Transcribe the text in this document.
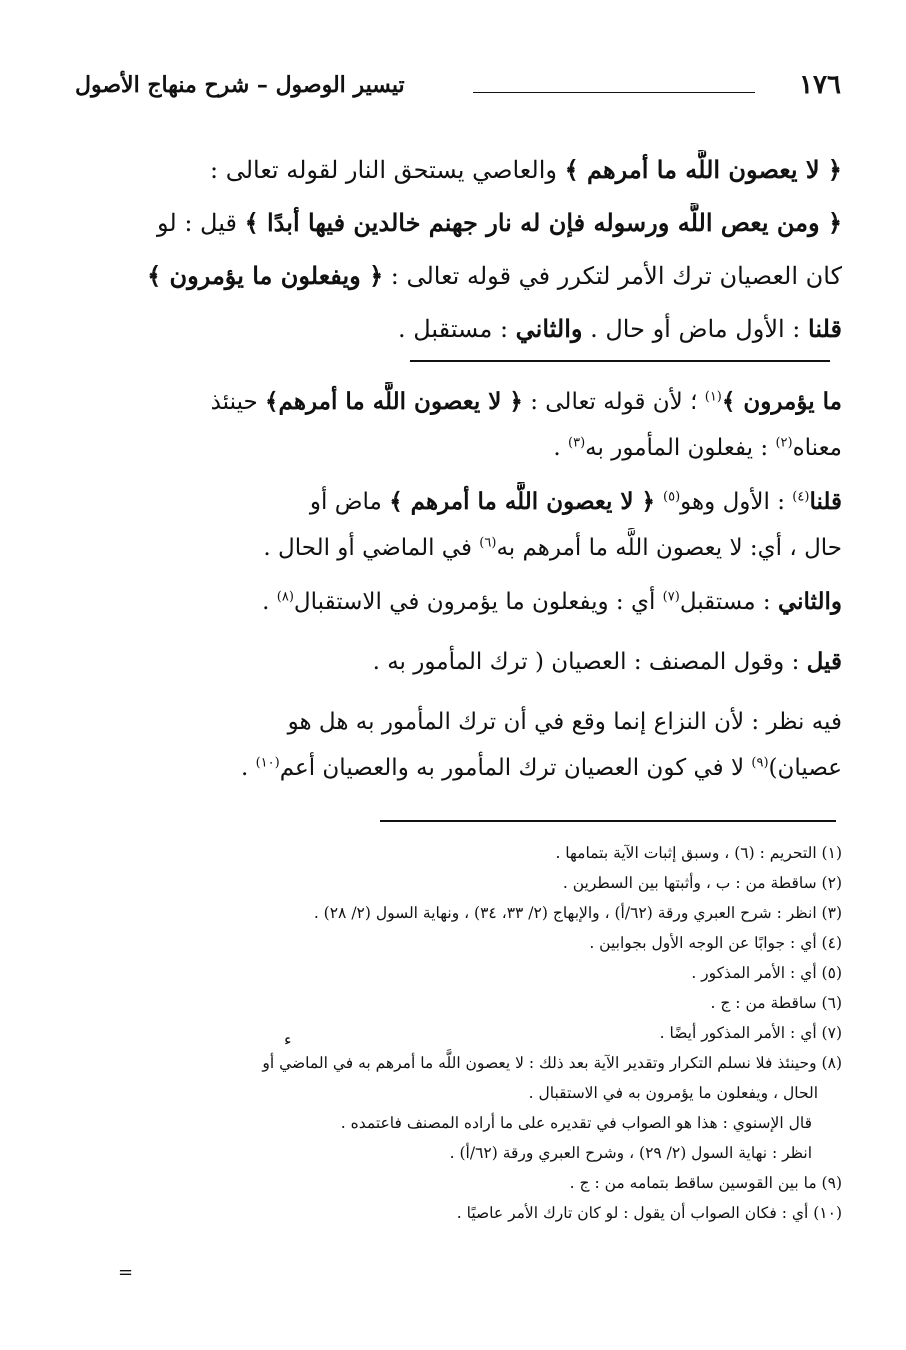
١٧٦
تيسير الوصول – شرح منهاج الأصول
﴿ لا يعصون اللَّه ما أمرهم ﴾ والعاصي يستحق النار لقوله تعالى :
﴿ ومن يعص اللَّه ورسوله فإن له نار جهنم خالدين فيها أبدًا ﴾ قيل : لو
كان العصيان ترك الأمر لتكرر في قوله تعالى : ﴿ ويفعلون ما يؤمرون ﴾
قلنا : الأول ماض أو حال . والثاني : مستقبل .
ما يؤمرون ﴾$^{(١)}$ ؛ لأن قوله تعالى : ﴿ لا يعصون اللَّه ما أمرهم﴾ حينئذ
معناه$^{(٢)}$ : يفعلون المأمور به$^{(٣)}$ .
قلنا$^{(٤)}$ : الأول وهو$^{(٥)}$ ﴿ لا يعصون اللَّه ما أمرهم ﴾ ماض أو
حال ، أي: لا يعصون اللَّه ما أمرهم به$^{(٦)}$ في الماضي أو الحال .
والثاني : مستقبل$^{(٧)}$ أي : ويفعلون ما يؤمرون في الاستقبال$^{(٨)}$ .
قيل : وقول المصنف : العصيان ( ترك المأمور به .
فيه نظر : لأن النزاع إنما وقع في أن ترك المأمور به هل هو
عصيان)$^{(٩)}$ لا في كون العصيان ترك المأمور به والعصيان أعم$^{(١٠)}$ .
(١) التحريم : (٦) ، وسبق إثبات الآية بتمامها .
(٢) ساقطة من : ب ، وأثبتها بين السطرين .
(٣) انظر : شرح العبري ورقة (٦٢/أ) ، والإبهاج (٢/ ٣٣، ٣٤) ، ونهاية السول (٢/ ٢٨) .
(٤) أي : جوابًا عن الوجه الأول بجوابين .
(٥) أي : الأمر المذكور .
(٦) ساقطة من : ج .
(٧) أي : الأمر المذكور أيضًا .
(٨) وحينئذ فلا نسلم التكرار وتقدير الآية بعد ذلك : لا يعصون اللَّه ما أمرهم به في الماضي أو
الحال ، ويفعلون ما يؤمرون به في الاستقبال .
قال الإسنوي : هذا هو الصواب في تقديره على ما أراده المصنف فاعتمده .
انظر : نهاية السول (٢/ ٢٩) ، وشرح العبري ورقة (٦٢/أ) .
(٩) ما بين القوسين ساقط بتمامه من : ج .
(١٠) أي : فكان الصواب أن يقول : لو كان تارك الأمر عاصيًا .
ء
=
